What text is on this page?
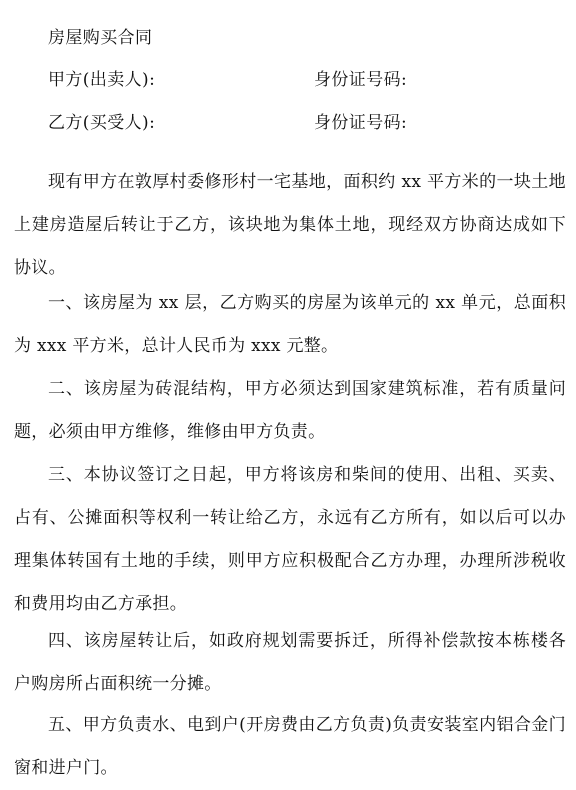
房屋购买合同
甲方(出卖人):	身份证号码:
乙方(买受人):	身份证号码:

现有甲方在敦厚村委修形村一宅基地，面积约 xx 平方米的一块土地上建房造屋后转让于乙方，该块地为集体土地，现经双方协商达成如下协议。

一、该房屋为 xx 层，乙方购买的房屋为该单元的 xx 单元，总面积为 xxx 平方米，总计人民币为 xxx 元整。

二、该房屋为砖混结构，甲方必须达到国家建筑标准，若有质量问题，必须由甲方维修，维修由甲方负责。

三、本协议签订之日起，甲方将该房和柴间的使用、出租、买卖、占有、公摊面积等权利一转让给乙方，永远有乙方所有，如以后可以办理集体转国有土地的手续，则甲方应积极配合乙方办理，办理所涉税收和费用均由乙方承担。

四、该房屋转让后，如政府规划需要拆迁，所得补偿款按本栋楼各户购房所占面积统一分摊。

五、甲方负责水、电到户(开房费由乙方负责)负责安装室内铝合金门窗和进户门。
